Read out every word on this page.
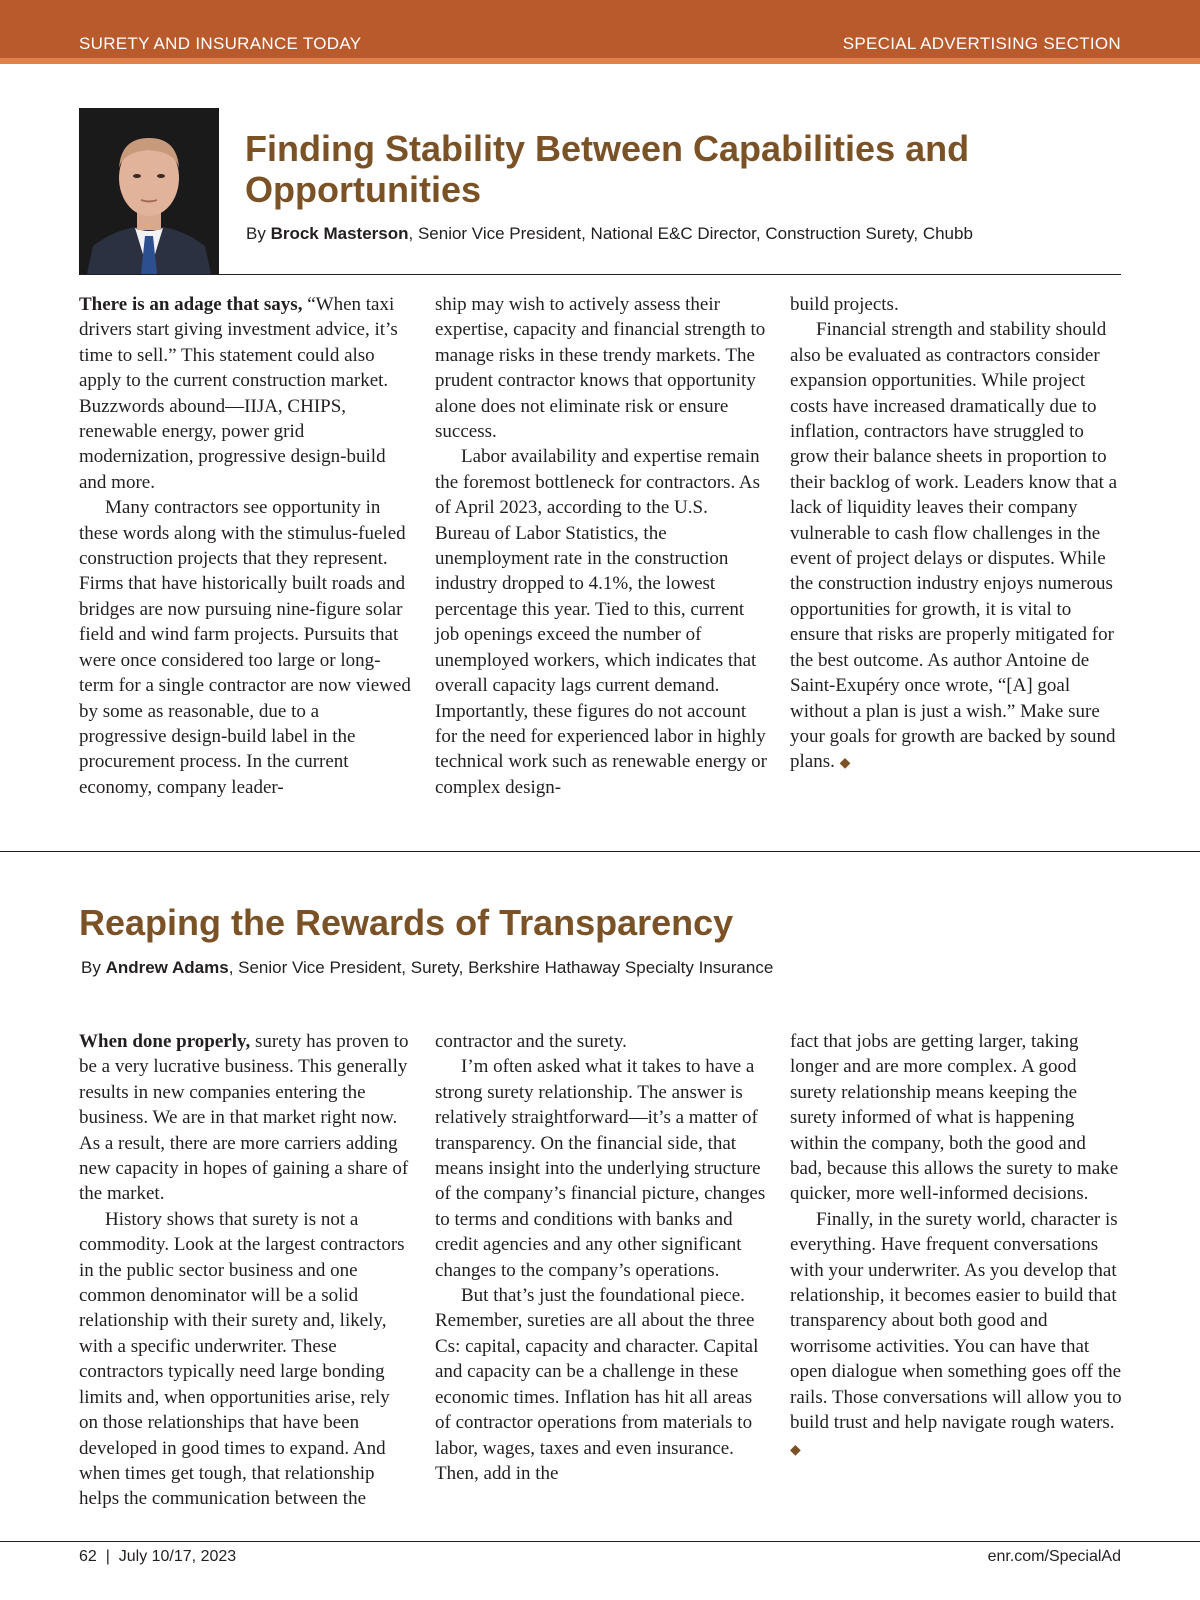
SURETY AND INSURANCE TODAY	SPECIAL ADVERTISING SECTION
Finding Stability Between Capabilities and Opportunities
By Brock Masterson, Senior Vice President, National E&C Director, Construction Surety, Chubb

There is an adage that says, “When taxi drivers start giving investment advice, it’s time to sell.” This statement could also apply to the current construction market. Buzzwords abound—IIJA, CHIPS, renewable energy, power grid modernization, progressive design-build and more.

Many contractors see opportunity in these words along with the stimulus-fueled construction projects that they represent. Firms that have historically built roads and bridges are now pursuing nine-figure solar field and wind farm projects. Pursuits that were once considered too large or long-term for a single contractor are now viewed by some as reasonable, due to a progressive design-build label in the procurement process. In the current economy, company leader-

ship may wish to actively assess their expertise, capacity and financial strength to manage risks in these trendy markets. The prudent contractor knows that opportunity alone does not eliminate risk or ensure success.

Labor availability and expertise remain the foremost bottleneck for contractors. As of April 2023, according to the U.S. Bureau of Labor Statistics, the unemployment rate in the construction industry dropped to 4.1%, the lowest percentage this year. Tied to this, current job openings exceed the number of unemployed workers, which indicates that overall capacity lags current demand. Importantly, these figures do not account for the need for experienced labor in highly technical work such as renewable energy or complex design-

build projects.

Financial strength and stability should also be evaluated as contractors consider expansion opportunities. While project costs have increased dramatically due to inflation, contractors have struggled to grow their balance sheets in proportion to their backlog of work. Leaders know that a lack of liquidity leaves their company vulnerable to cash flow challenges in the event of project delays or disputes. While the construction industry enjoys numerous opportunities for growth, it is vital to ensure that risks are properly mitigated for the best outcome. As author Antoine de Saint-Exupéry once wrote, “[A] goal without a plan is just a wish.” Make sure your goals for growth are backed by sound plans. ◆

Reaping the Rewards of Transparency
By Andrew Adams, Senior Vice President, Surety, Berkshire Hathaway Specialty Insurance

When done properly, surety has proven to be a very lucrative business. This generally results in new companies entering the business. We are in that market right now. As a result, there are more carriers adding new capacity in hopes of gaining a share of the market.

History shows that surety is not a commodity. Look at the largest contractors in the public sector business and one common denominator will be a solid relationship with their surety and, likely, with a specific underwriter. These contractors typically need large bonding limits and, when opportunities arise, rely on those relationships that have been developed in good times to expand. And when times get tough, that relationship helps the communication between the

contractor and the surety.

I’m often asked what it takes to have a strong surety relationship. The answer is relatively straightforward—it’s a matter of transparency. On the financial side, that means insight into the underlying structure of the company’s financial picture, changes to terms and conditions with banks and credit agencies and any other significant changes to the company’s operations.

But that’s just the foundational piece. Remember, sureties are all about the three Cs: capital, capacity and character. Capital and capacity can be a challenge in these economic times. Inflation has hit all areas of contractor operations from materials to labor, wages, taxes and even insurance. Then, add in the

fact that jobs are getting larger, taking longer and are more complex. A good surety relationship means keeping the surety informed of what is happening within the company, both the good and bad, because this allows the surety to make quicker, more well-informed decisions.

Finally, in the surety world, character is everything. Have frequent conversations with your underwriter. As you develop that relationship, it becomes easier to build that transparency about both good and worrisome activities. You can have that open dialogue when something goes off the rails. Those conversations will allow you to build trust and help navigate rough waters. ◆

62  |  July 10/17, 2023	enr.com/SpecialAd
